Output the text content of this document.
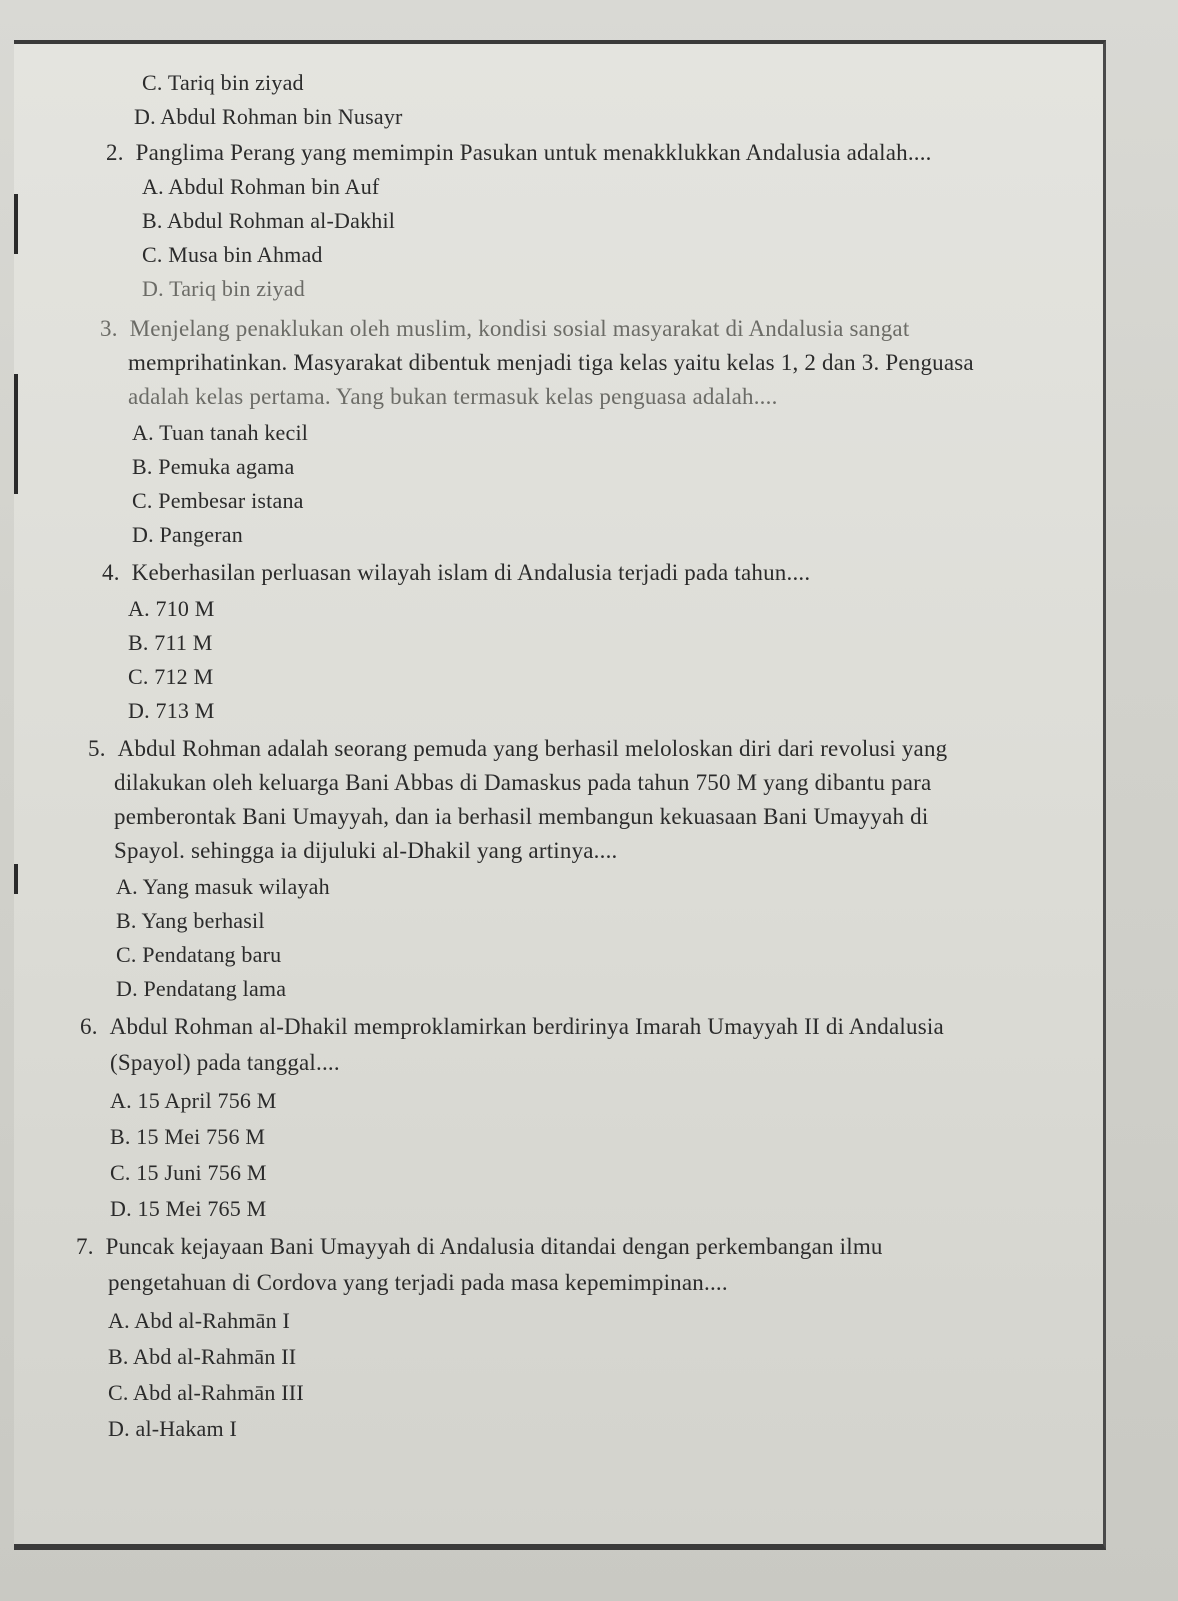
C. Tariq bin ziyad
D. Abdul Rohman bin Nusayr
2. Panglima Perang yang memimpin Pasukan untuk menakklukkan Andalusia adalah....
A. Abdul Rohman bin Auf
B. Abdul Rohman al-Dakhil
C. Musa bin Ahmad
D. Tariq bin ziyad
3. Menjelang penaklukan oleh muslim, kondisi sosial masyarakat di Andalusia sangat
memprihatinkan. Masyarakat dibentuk menjadi tiga kelas yaitu kelas 1, 2 dan 3. Penguasa
adalah kelas pertama. Yang bukan termasuk kelas penguasa adalah....
A. Tuan tanah kecil
B. Pemuka agama
C. Pembesar istana
D. Pangeran
4. Keberhasilan perluasan wilayah islam di Andalusia terjadi pada tahun....
A. 710 M
B. 711 M
C. 712 M
D. 713 M
5. Abdul Rohman adalah seorang pemuda yang berhasil meloloskan diri dari revolusi yang
dilakukan oleh keluarga Bani Abbas di Damaskus pada tahun 750 M yang dibantu para
pemberontak Bani Umayyah, dan ia berhasil membangun kekuasaan Bani Umayyah di
Spayol. sehingga ia dijuluki al-Dhakil yang artinya....
A. Yang masuk wilayah
B. Yang berhasil
C. Pendatang baru
D. Pendatang lama
6. Abdul Rohman al-Dhakil memproklamirkan berdirinya Imarah Umayyah II di Andalusia
(Spayol) pada tanggal....
A. 15 April 756 M
B. 15 Mei 756 M
C. 15 Juni 756 M
D. 15 Mei 765 M
7. Puncak kejayaan Bani Umayyah di Andalusia ditandai dengan perkembangan ilmu
pengetahuan di Cordova yang terjadi pada masa kepemimpinan....
A. Abd al-Rahmān I
B. Abd al-Rahmān II
C. Abd al-Rahmān III
D. al-Hakam I
